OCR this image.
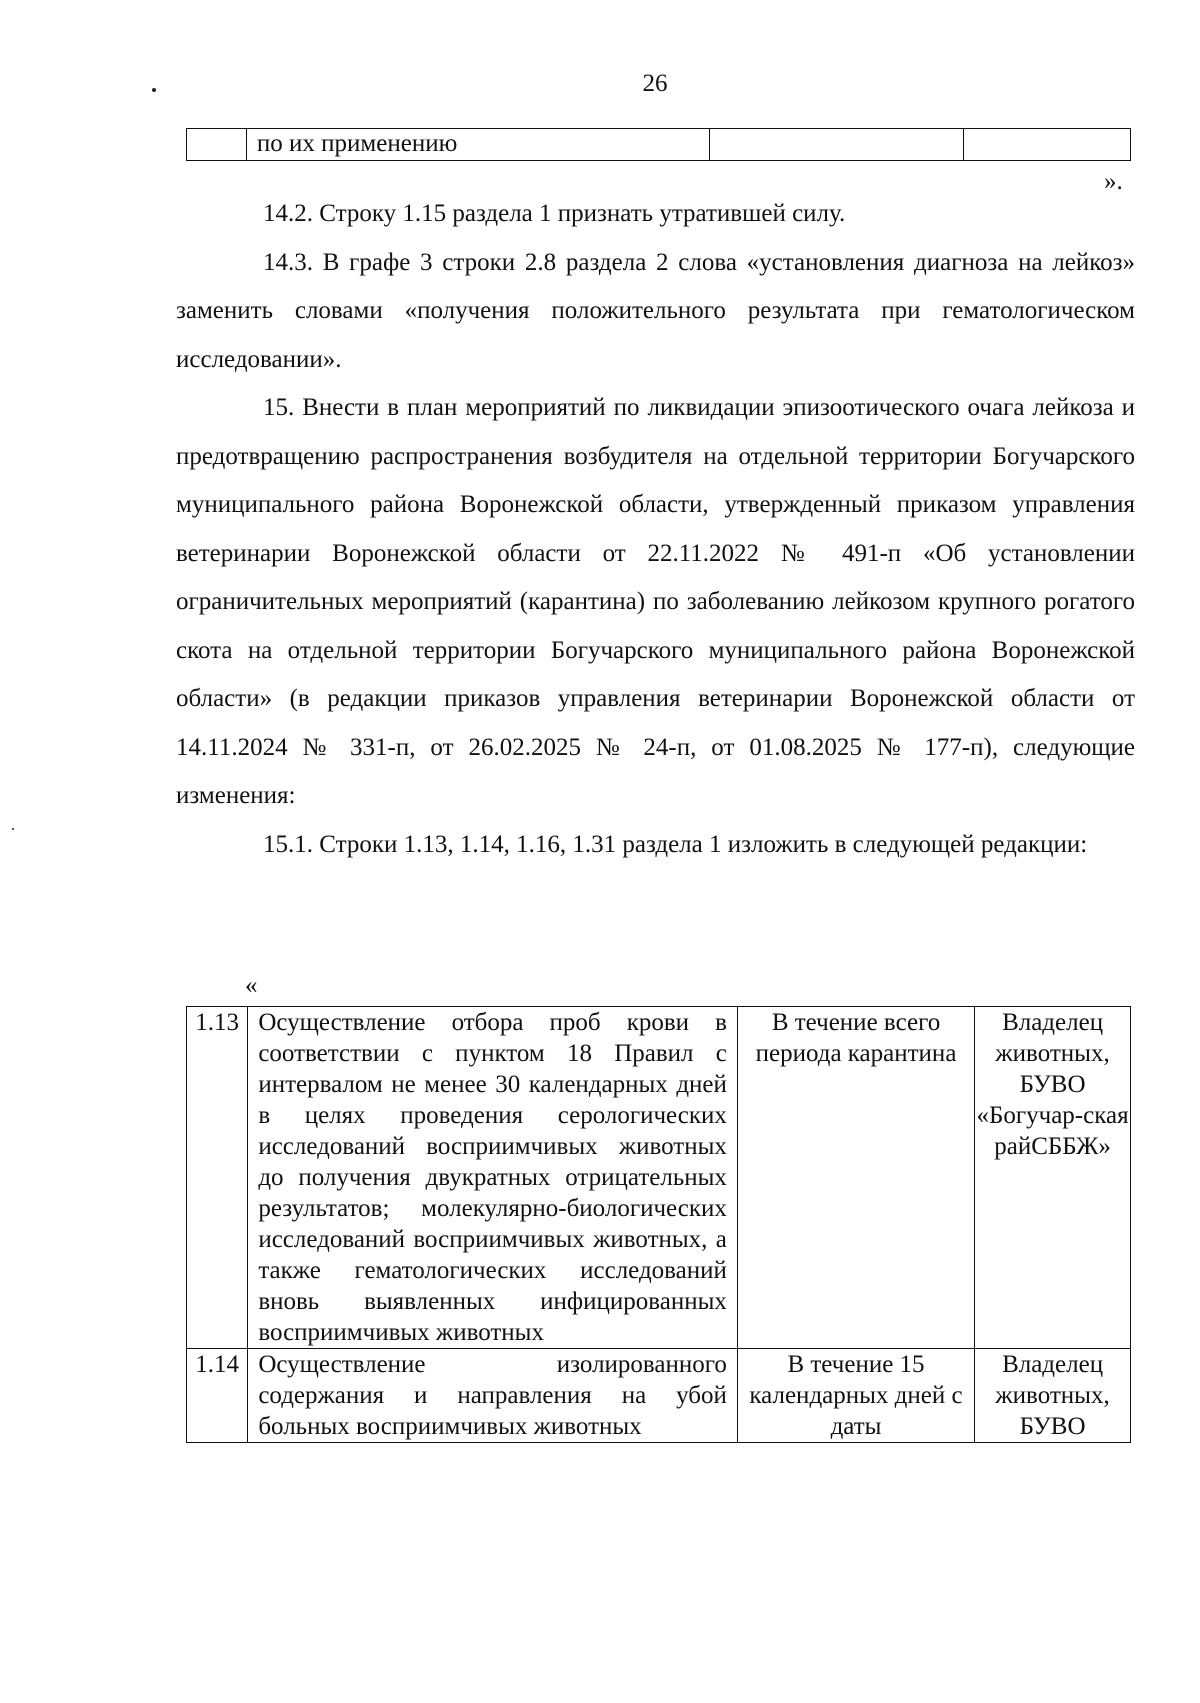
26
	по их применению		
».

14.2. Строку 1.15 раздела 1 признать утратившей силу.

14.3. В графе 3 строки 2.8 раздела 2 слова «установления диагноза на лейкоз» заменить словами «получения положительного результата при гематологическом исследовании».

15. Внести в план мероприятий по ликвидации эпизоотического очага лейкоза и предотвращению распространения возбудителя на отдельной территории Богучарского муниципального района Воронежской области, утвержденный приказом управления ветеринарии Воронежской области от 22.11.2022 № 491-п «Об установлении ограничительных мероприятий (карантина) по заболеванию лейкозом крупного рогатого скота на отдельной территории Богучарского муниципального района Воронежской области» (в редакции приказов управления ветеринарии Воронежской области от 14.11.2024 № 331-п, от 26.02.2025 № 24-п, от 01.08.2025 № 177-п), следующие изменения:

15.1. Строки 1.13, 1.14, 1.16, 1.31 раздела 1 изложить в следующей редакции:

«
1.13	Осуществление отбора проб крови в соответствии с пунктом 18 Правил с интервалом не менее 30 календарных дней в целях проведения серологических исследований восприимчивых животных до получения двукратных отрицательных результатов; молекулярно-биологических исследований восприимчивых животных, а также гематологических исследований вновь выявленных инфицированных восприимчивых животных	В течение всего периода карантина	Владелец животных, БУВО «Богучар-ская райСББЖ»
1.14	Осуществление изолированного содержания и направления на убой больных восприимчивых животных	В течение 15 календарных дней с даты	Владелец животных, БУВО
